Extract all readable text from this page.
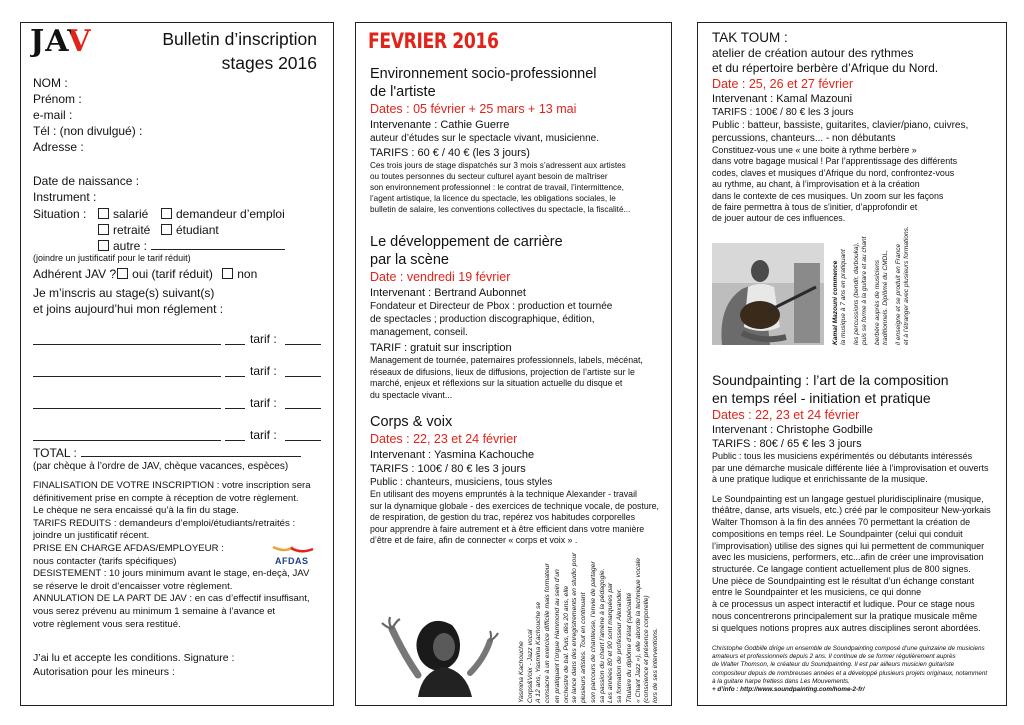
JAV	Bulletin d’inscription
stages 2016
NOM :
Prénom :
e-mail :
Tél : (non divulgué) :
Adresse :
Date de naissance :
Instrument :
Situation :	salarié	demandeur d’emploi
retraité	étudiant
autre :
(joindre un justificatif pour le tarif réduit)
Adhérent JAV ? oui (tarif réduit) non
Je m’inscris au stage(s) suivant(s)
et joins aujourd’hui mon réglement :
tarif :
tarif :
tarif :
tarif :
TOTAL :
(par chèque à l’ordre de JAV, chèque vacances, espèces)
FINALISATION DE VOTRE INSCRIPTION : votre inscription sera
définitivement prise en compte à réception de votre règlement.
Le chèque ne sera encaissé qu’à la fin du stage.
TARIFS REDUITS : demandeurs d’emploi/étudiants/retraités :
joindre un justificatif récent.
PRISE EN CHARGE AFDAS/EMPLOYEUR :
nous contacter (tarifs spécifiques)
DESISTEMENT : 10 jours minimum avant le stage, en-deçà, JAV
se réserve le droit d’encaisser votre règlement.
ANNULATION DE LA PART DE JAV : en cas d’effectif insuffisant,
vous serez prévenu au minimum 1 semaine à l’avance et
votre règlement vous sera restitué.
AFDAS
J’ai lu et accepte les conditions. Signature :
Autorisation pour les mineurs :
FEVRIER 2016
Environnement socio-professionnel
de l'artiste
Dates : 05 février + 25 mars + 13 mai
Intervenante : Cathie Guerre
auteur d’études sur le spectacle vivant, musicienne.
TARIFS : 60 € / 40 € (les 3 jours)
Ces trois jours de stage dispatchés sur 3 mois s’adressent aux artistes
ou toutes personnes du secteur culturel ayant besoin de maîtriser
son environnement professionnel : le contrat de travail, l’intermittence,
l’agent artistique, la licence du spectacle, les obligations sociales, le
bulletin de salaire, les conventions collectives du spectacle, la fiscalité...
Le développement de carrière
par la scène
Date : vendredi 19 février
Intervenant : Bertrand Aubonnet
Fondateur et Directeur de Pbox : production et tournée
de spectacles ; production discographique, édition,
management, conseil.
TARIF : gratuit sur inscription
Management de tournée, paternaires professionnels, labels, mécénat,
réseaux de difusions, lieux de diffusions, projection de l’artiste sur le
marché, enjeux et réflexions sur la situation actuelle du disque et
du spectacle vivant...
Corps & voix
Dates : 22, 23 et 24 février
Intervenant : Yasmina Kachouche
TARIFS : 100€ / 80 € les 3 jours
Public : chanteurs, musiciens, tous styles
En utilisant des moyens empruntés à la technique Alexander - travail
sur la dynamique globale - des exercices de technique vocale, de posture,
de respiration, de gestion du trac, repérez vos habitudes corporelles
pour apprendre à faire autrement et à être efficient dans votre manière
d’être et de faire, afin de connecter « corps et voix » .
Yasmina Kachouche Corps&Voix - Jazz vocal A 12 ans, Yasmina Kachouche se consacre à un exercice difficile mais formateur en pratiquant l’orgue Hammond au sein d’un orchestre de bal. Puis, dès 20 ans, elle se lance dans des enregistrements en studio pour plusieurs artistes. Tout en continuant son parcours de chanteuse, l’envie de partager sa passion du chant l’amène à la pédagogie. Les années 80 et 90 sont marquées par sa formation de professeur Alexander. Titulaire du diplôme d’état (spécialité « Chant Jazz »), elle aborde la technique vocale (conscience et présence corporelle) lors de ses interventions.
TAK TOUM :
atelier de création autour des rythmes
et du répertoire berbère d’Afrique du Nord.
Date : 25, 26 et 27 février
Intervenant : Kamal Mazouni
TARIFS : 100€ / 80 € les 3 jours
Public : batteur, bassiste, guitarites, clavier/piano, cuivres,
percussions, chanteurs... - non débutants
Constituez-vous une « une boite à rythme berbère »
dans votre bagage musical ! Par l’apprentissage des différents
codes, claves et musiques d’Afrique du nord, confrontez-vous
au rythme, au chant, à l’improvisation et à la création
dans le contexte de ces musiques. Un zoom sur les façons
de faire permettra à tous de s’initier, d’approfondir et
de jouer autour de ces influences.
Kamal Mazouni commence la musique à 7 ans en pratiquant les percussions (bendir, darbouka), puis se forme à la guitare et au chant berbère auprès de musiciens traditionnels. Diplômé du CMDL, il enseigne et se produit en France et à l’étranger avec plusieurs formations.
Soundpainting : l’art de la composition
en temps réel - initiation et pratique
Dates : 22, 23 et 24 février
Intervenant : Christophe Godbille
TARIFS : 80€ / 65 € les 3 jours
Public : tous les musiciens expérimentés ou débutants intéressés
par une démarche musicale différente liée à l’improvisation et ouverts
à une pratique ludique et enrichissante de la musique.
Le Soundpainting est un langage gestuel pluridisciplinaire (musique,
théâtre, danse, arts visuels, etc.) créé par le compositeur New-yorkais
Walter Thomson à la fin des années 70 permettant la création de
compositions en temps réel. Le Soundpainter (celui qui conduit
l’improvisation) utilise des signes qui lui permettent de communiquer
avec les musiciens, performers, etc...afin de créer une improvisation
structurée. Ce langage contient actuellement plus de 800 signes.
Une pièce de Soundpainting est le résultat d’un échange constant
entre le Soundpainter et les musiciens, ce qui donne
à ce processus un aspect interactif et ludique. Pour ce stage nous
nous concentrerons principalement sur la pratique musicale même
si quelques notions propres aux autres disciplines seront abordées.
Christophe Godbille dirige un ensemble de Soundpainting composé d’une quinzaine de musiciens
amateurs et professionnels depuis 2 ans. Il continue de se former régulièrement auprès
de Walter Thomson, le créateur du Soundpainting. Il est par ailleurs musicien guitariste
compositeur depuis de nombreuses années et a développé plusieurs projets originaux, notamment
à la guitare harpe fretless dans Les Mouvements.
+ d’info : http://www.soundpainting.com/home-2-fr/
